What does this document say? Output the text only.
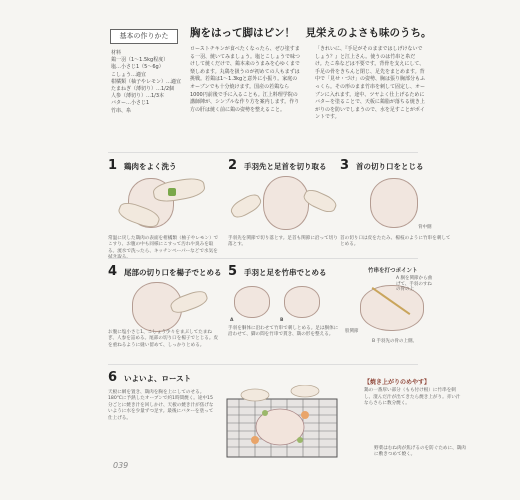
基本の作りかた
材料
鶏一羽（1～1.5kg程度）
塩…小さじ1（5～6g）
こしょう…適宜
柑橘類（柚子やレモン）…適宜
たまねぎ（薄切り）…1/2個
人参（薄切り）…1/3本
バター…小さじ1
竹串、糸
胸をはって脚はピン！　見栄えのよさも味のうち。
ローストチキンが食べたくなったら、ぜひ塗すまる一羽、焼いてみましょう。塩とこしょうで味つけして焼くだけで、鶏本来のうまみを心ゆくまで楽しめます。丸鶏を扱うのが初めての人もまずは挑戦。若鶏は1～1.3kgと意外に小振り。家庭のオーブンでも十分焼けます。国産の若鶏なら1000円前後で手に入ることも。江上料理学院の講師陣が、シンプルな作り方を案内します。作り方の肝は焼く前に鶏の姿勢を整えること。
「きれいに、『手足がそのままではしげけないでしょう？』と江上さん。使うのは竹串と糸だけ。たこ糸などは不要です。背骨を支えにして、手足の骨をきちんと閉じ、足先をまとめます。背中で「見せ・づけ」の姿勢、胸は張り胸部分もふっくら。その形のまま竹串を刺して固定し、オーブンに入れます。途中、ツヤよく仕上げるためにバターを塗ることで、天板に鶏脂が落ちる焼き上がりのを防いでしまうので、水を足すことがポイントです。
1 鶏肉をよく洗う
常温に戻した鶏肉の表面を柑橘類（柚子やレモン）でこすり、お腹の中も同様にこすって汚れや臭みを取る。流水で洗ったら、キッチンペーパーなどで水気を
2 手羽先と足首を切り取る
手羽先を関節で切り落とす。足首も関節に沿って切り落とす。
3 首の切り口をとじる
背中側
首の切り口は皮をたたみ、楊枝のように竹串を刺してとめる。
4 尾部の切り口を楊子でとめる
お腹に塩小さじ1、こしょう少々をまぶしてたまねぎ、人参を詰める。尾部の切り口を楊子でとじる。皮を重ねるように縫い留めて、しっかりとめる。
5 手羽と足を竹串でとめる
A	B
手羽を胴体に沿わせて竹串で刺しとめる。足は胴体に沿わせて、脚の間を竹串で貫き、鶏の形を整える。
竹串を打つポイント
A 胴を関節から曲げて、手羽のすねの骨の上
B 手羽先の骨の上側。
股関節
6 いよいよ、ロースト
天板に網を置き、鶏肉を胸を上にしてのせる。180℃に予熱したオーブンで約1時間焼く。途中15分ごとに焼き汁を回しかけ、天板の焼き汁が焦げないように水を少量ずつ足す。最後にバターを塗って仕上げる。
【焼き上がりのめやす】
鶏の一番厚い部分（もも付け根）に竹串を刺し、澄んだ汁が出てきたら焼き上がり。赤い汁ならさらに数分焼く。
野菜はむね肉が焦げるのを防ぐために、鶏肉に敷きつめて焼く。
039
